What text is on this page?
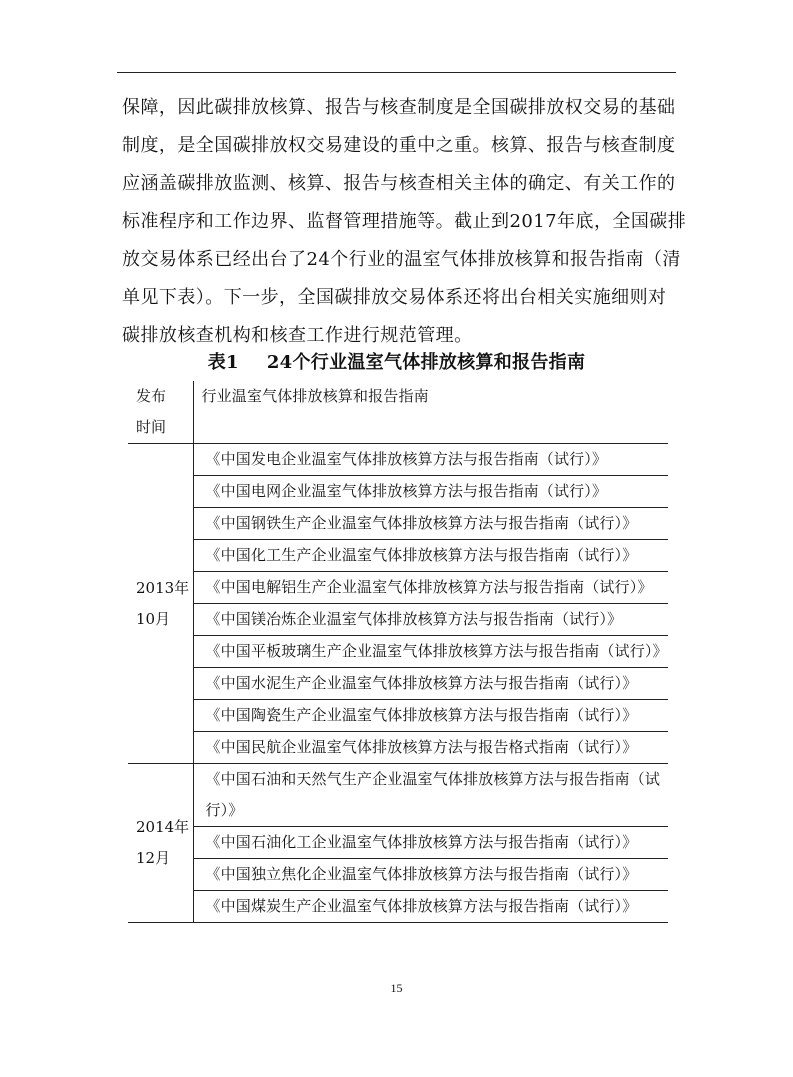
保障，因此碳排放核算、报告与核查制度是全国碳排放权交易的基础
制度，是全国碳排放权交易建设的重中之重。核算、报告与核查制度
应涵盖碳排放监测、核算、报告与核查相关主体的确定、有关工作的
标准程序和工作边界、监督管理措施等。截止到2017年底，全国碳排
放交易体系已经出台了24个行业的温室气体排放核算和报告指南（清
单见下表）。下一步，全国碳排放交易体系还将出台相关实施细则对
碳排放核查机构和核查工作进行规范管理。
表1 24个行业温室气体排放核算和报告指南
发布
时间	行业温室气体排放核算和报告指南

2013年
10月	《中国发电企业温室气体排放核算方法与报告指南（试行）》

	《中国电网企业温室气体排放核算方法与报告指南（试行）》

	《中国钢铁生产企业温室气体排放核算方法与报告指南（试行）》

	《中国化工生产企业温室气体排放核算方法与报告指南（试行）》

	《中国电解铝生产企业温室气体排放核算方法与报告指南（试行）》

	《中国镁冶炼企业温室气体排放核算方法与报告指南（试行）》

	《中国平板玻璃生产企业温室气体排放核算方法与报告指南（试行）》

	《中国水泥生产企业温室气体排放核算方法与报告指南（试行）》

	《中国陶瓷生产企业温室气体排放核算方法与报告指南（试行）》

	《中国民航企业温室气体排放核算方法与报告格式指南（试行）》

2014年
12月	《中国石油和天然气生产企业温室气体排放核算方法与报告指南（试行）》

	《中国石油化工企业温室气体排放核算方法与报告指南（试行）》

	《中国独立焦化企业温室气体排放核算方法与报告指南（试行）》

	《中国煤炭生产企业温室气体排放核算方法与报告指南（试行）》
15
